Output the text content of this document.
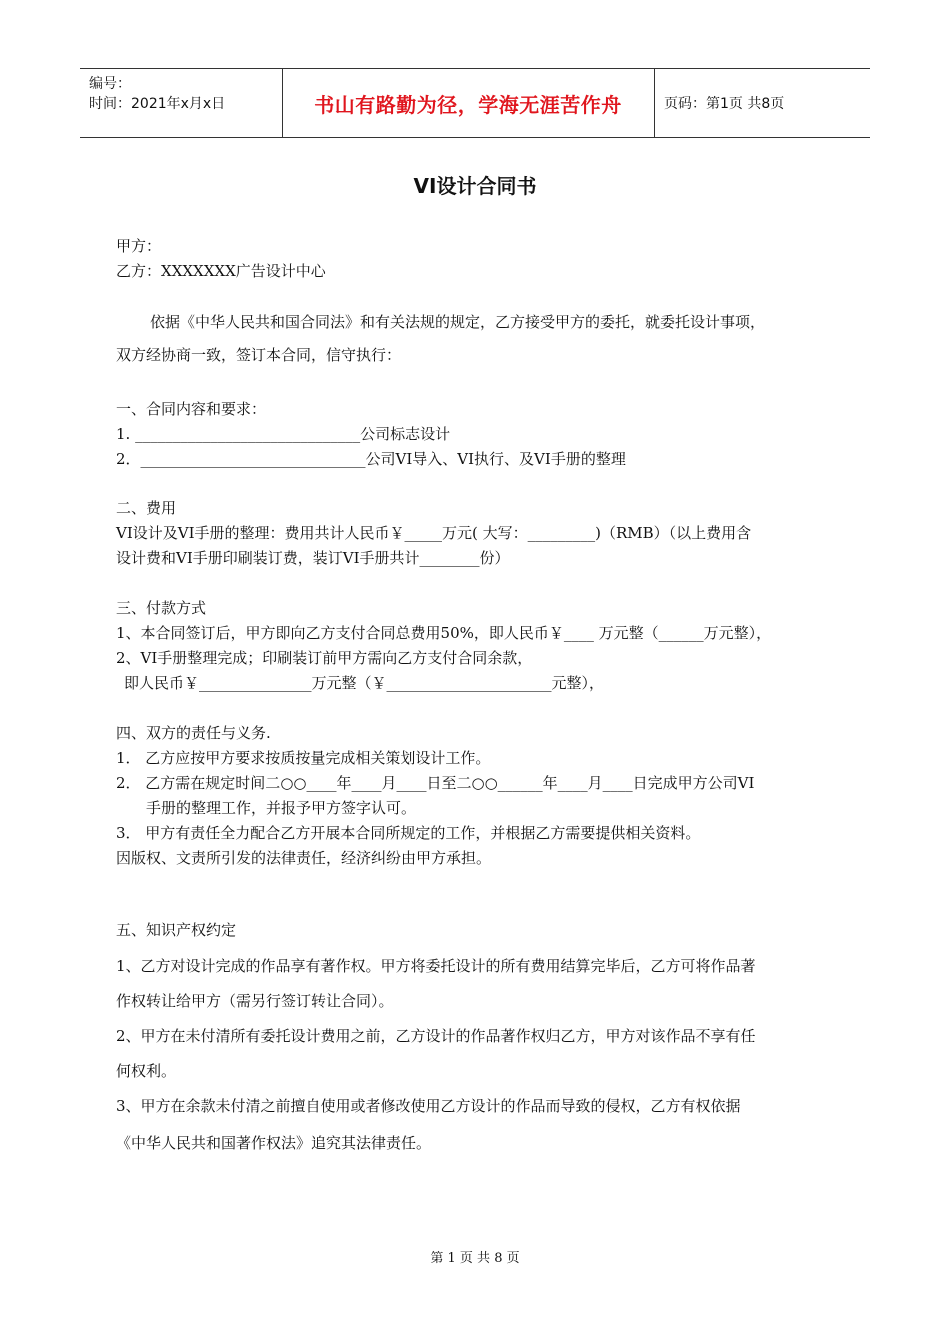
编号：
时间：2021年x月x日	书山有路勤为径，学海无涯苦作舟	页码：第1页 共8页
VI设计合同书
甲方：
乙方：XXXXXXX广告设计中心
依据《中华人民共和国合同法》和有关法规的规定，乙方接受甲方的委托，就委托设计事项，
双方经协商一致，签订本合同，信守执行：
一、合同内容和要求：
1. ______________________________公司标志设计
2．______________________________公司VI导入、VI执行、及VI手册的整理
二、费用
VI设计及VI手册的整理：费用共计人民币￥_____万元( 大写：_________)（RMB）（以上费用含
设计费和VI手册印刷装订费，装订VI手册共计________份）
三、付款方式
1、本合同签订后，甲方即向乙方支付合同总费用50%，即人民币￥____ 万元整（______万元整），
2、VI手册整理完成；印刷装订前甲方需向乙方支付合同余款，
即人民币￥_______________万元整（￥______________________元整），
四、双方的责任与义务.
1． 乙方应按甲方要求按质按量完成相关策划设计工作。
2． 乙方需在规定时间二○○____年____月____日至二○○______年____月____日完成甲方公司VI
手册的整理工作，并报予甲方签字认可。
3． 甲方有责任全力配合乙方开展本合同所规定的工作，并根据乙方需要提供相关资料。
因版权、文责所引发的法律责任，经济纠纷由甲方承担。
五、知识产权约定
1、乙方对设计完成的作品享有著作权。甲方将委托设计的所有费用结算完毕后，乙方可将作品著
作权转让给甲方（需另行签订转让合同）。
2、甲方在未付清所有委托设计费用之前，乙方设计的作品著作权归乙方，甲方对该作品不享有任
何权利。
3、甲方在余款未付清之前擅自使用或者修改使用乙方设计的作品而导致的侵权，乙方有权依据
《中华人民共和国著作权法》追究其法律责任。
第 1 页 共 8 页
